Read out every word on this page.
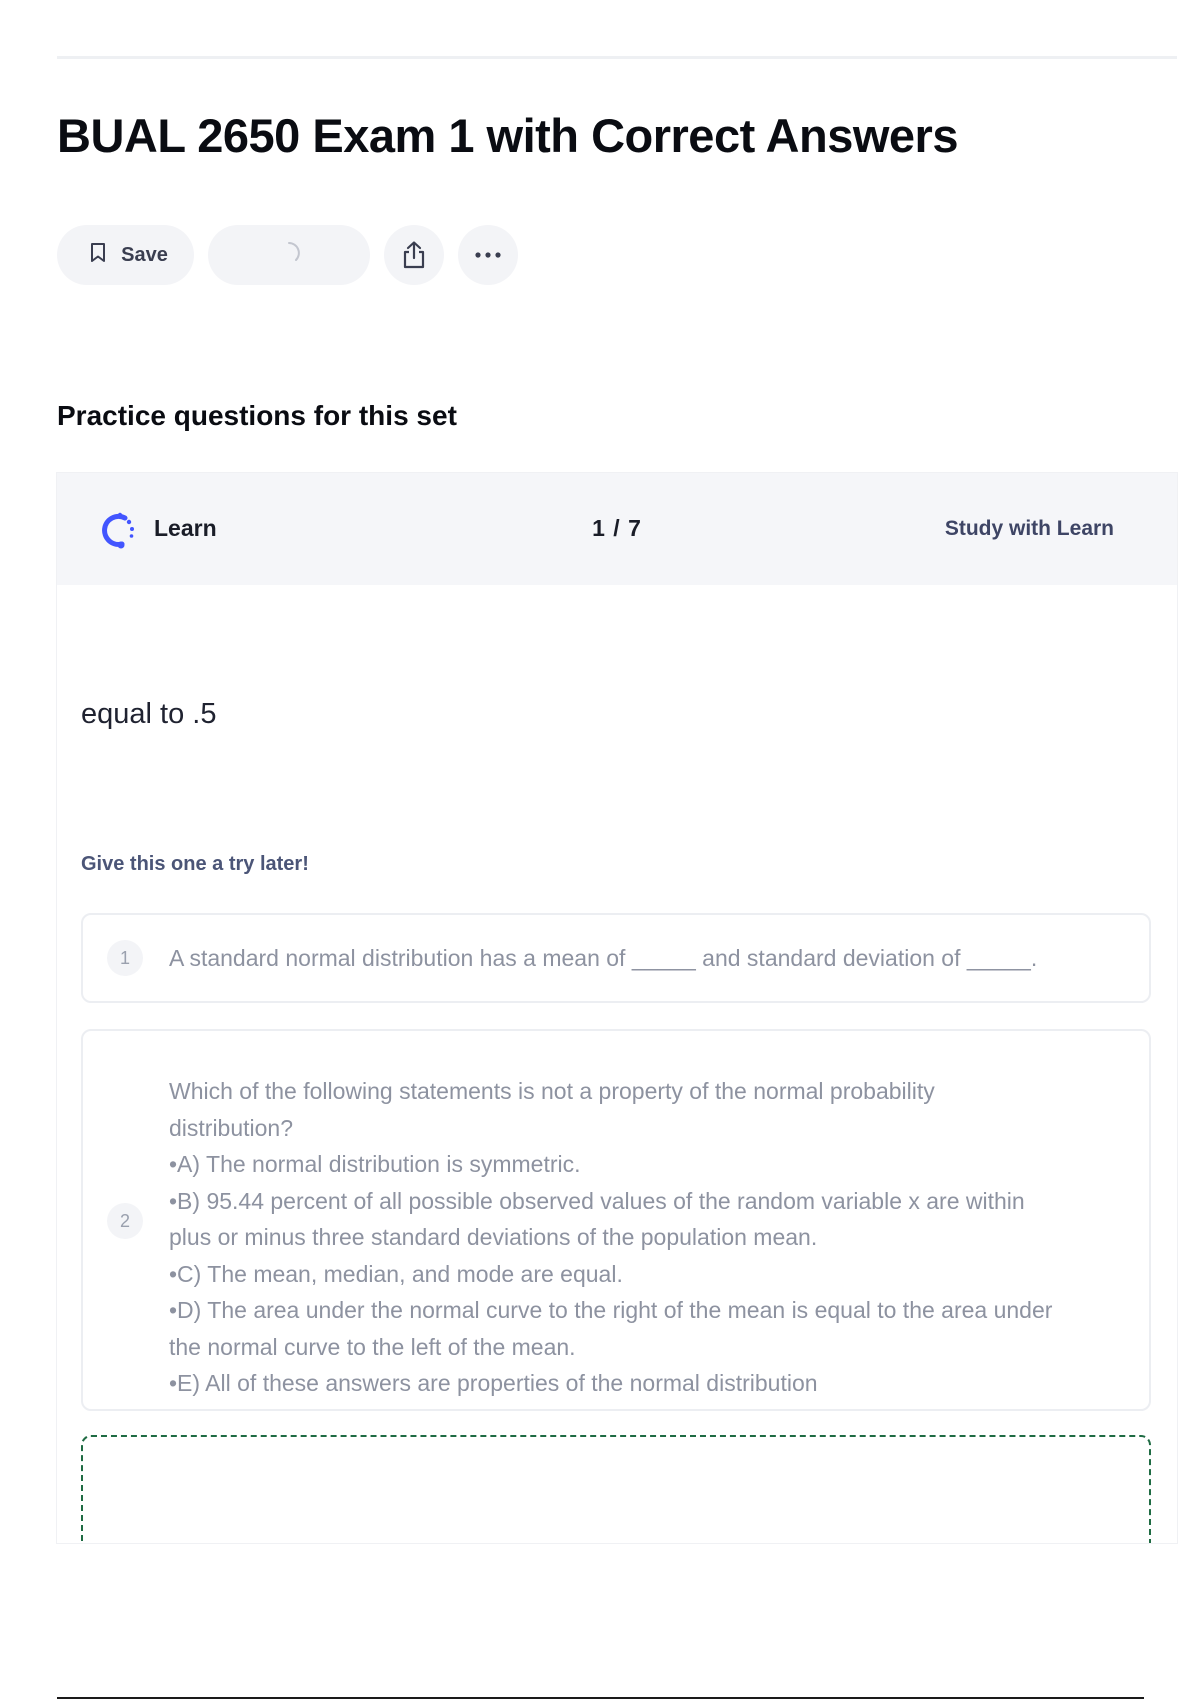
BUAL 2650 Exam 1 with Correct Answers
Save
Practice questions for this set
Learn	1 / 7	Study with Learn
equal to .5
Give this one a try later!
1	A standard normal distribution has a mean of _____ and standard deviation of _____.
2
Which of the following statements is not a property of the normal probability
distribution?
•A) The normal distribution is symmetric.
•B) 95.44 percent of all possible observed values of the random variable x are within
plus or minus three standard deviations of the population mean.
•C) The mean, median, and mode are equal.
•D) The area under the normal curve to the right of the mean is equal to the area under
the normal curve to the left of the mean.
•E) All of these answers are properties of the normal distribution
